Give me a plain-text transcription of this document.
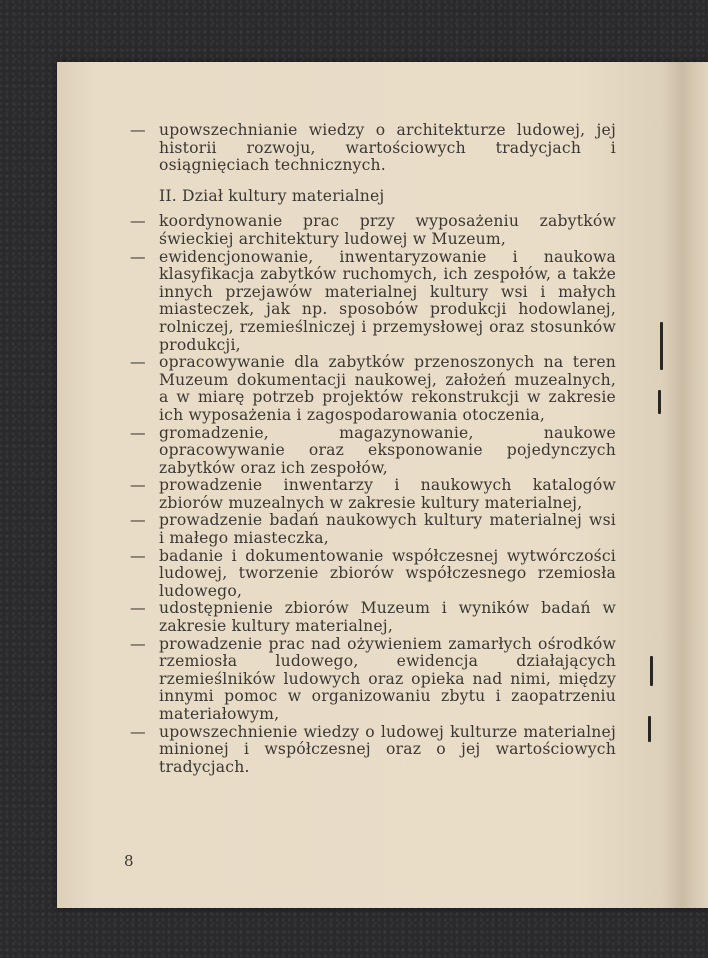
— upowszechnianie wiedzy o architekturze ludowej, jej historii rozwoju, wartościowych tradycjach i osiągnięciach technicznych.
II. Dział kultury materialnej
— koordynowanie prac przy wyposażeniu zabytków świeckiej architektury ludowej w Muzeum,
— ewidencjonowanie, inwentaryzowanie i naukowa klasyfikacja zabytków ruchomych, ich zespołów, a także innych przejawów materialnej kultury wsi i małych miasteczek, jak np. sposobów produkcji hodowlanej, rolniczej, rzemieślniczej i przemysłowej oraz stosunków produkcji,
— opracowywanie dla zabytków przenoszonych na teren Muzeum dokumentacji naukowej, założeń muzealnych, a w miarę potrzeb projektów rekonstrukcji w zakresie ich wyposażenia i zagospodarowania otoczenia,
— gromadzenie, magazynowanie, naukowe opracowywanie oraz eksponowanie pojedynczych zabytków oraz ich zespołów,
— prowadzenie inwentarzy i naukowych katalogów zbiorów muzealnych w zakresie kultury materialnej,
— prowadzenie badań naukowych kultury materialnej wsi i małego miasteczka,
— badanie i dokumentowanie współczesnej wytwórczości ludowej, tworzenie zbiorów współczesnego rzemiosła ludowego,
— udostępnienie zbiorów Muzeum i wyników badań w zakresie kultury materialnej,
— prowadzenie prac nad ożywieniem zamarłych ośrodków rzemiosła ludowego, ewidencja działających rzemieślników ludowych oraz opieka nad nimi, między innymi pomoc w organizowaniu zbytu i zaopatrzeniu materiałowym,
— upowszechnienie wiedzy o ludowej kulturze materialnej minionej i współczesnej oraz o jej wartościowych tradycjach.
8
